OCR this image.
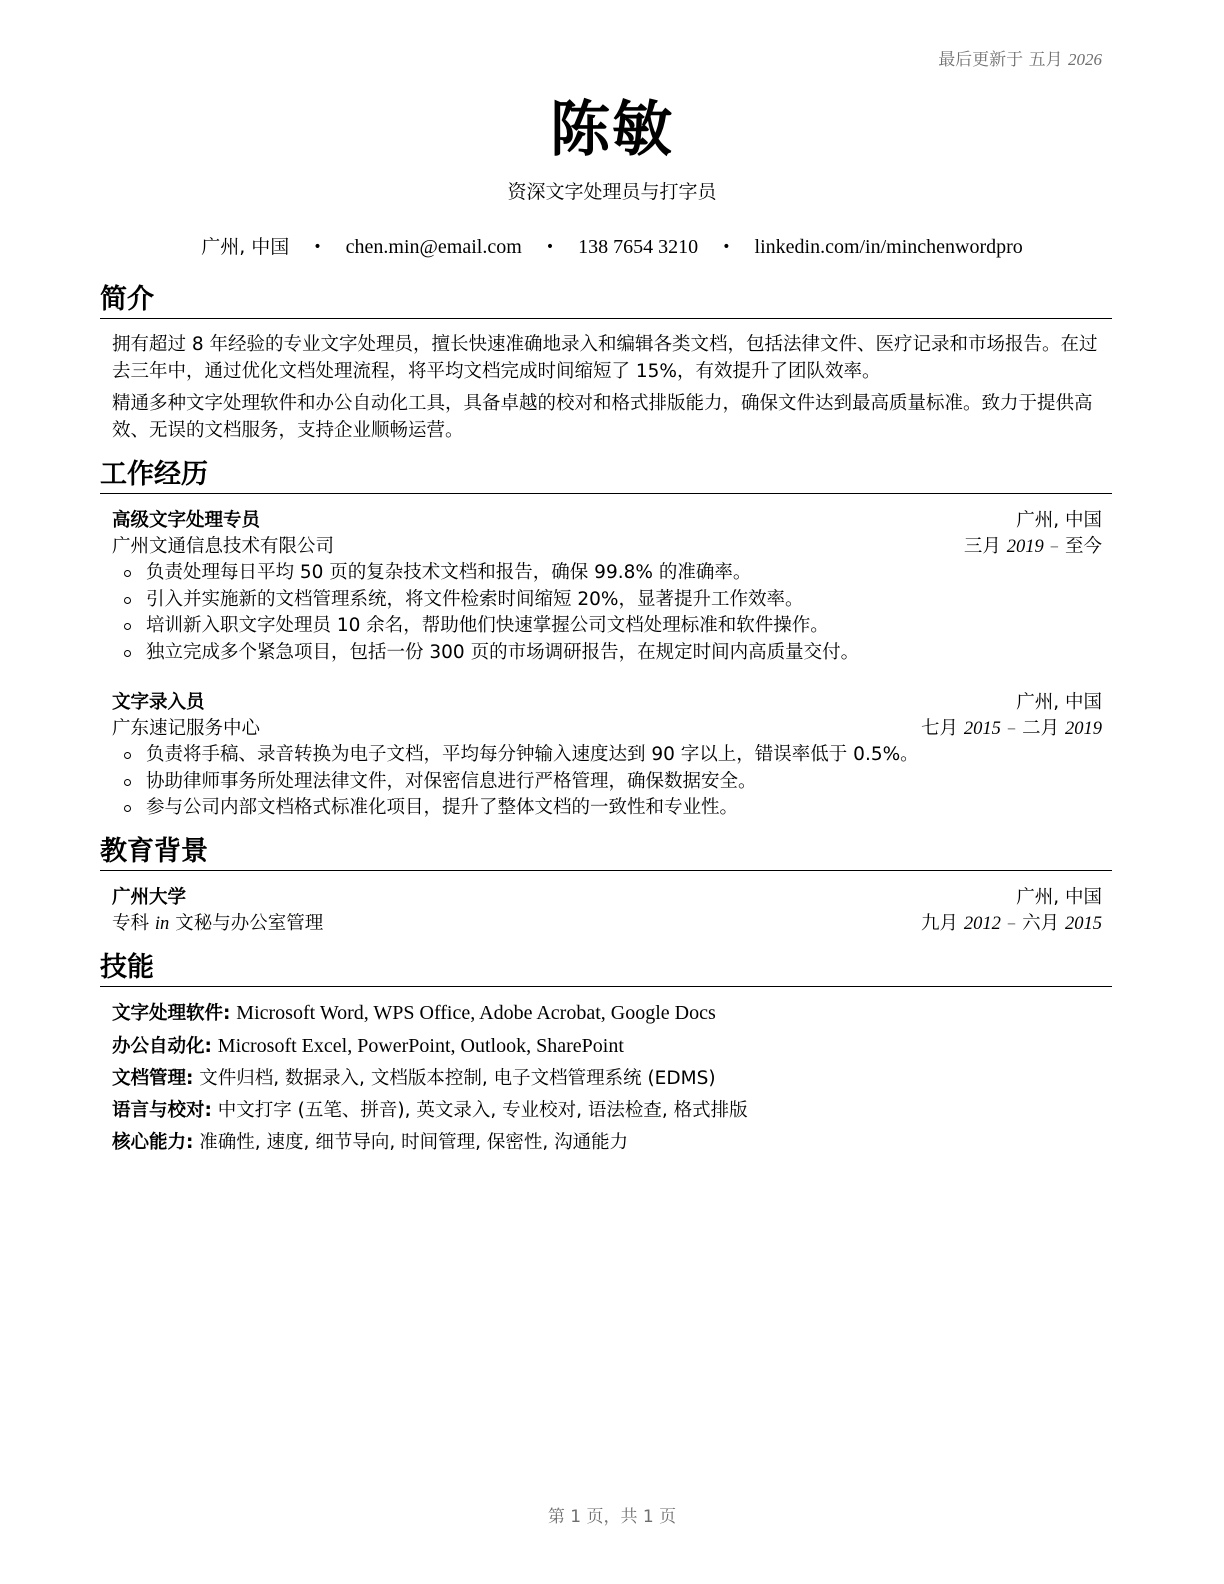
最后更新于 五月 2026
陈敏
资深文字处理员与打字员
广州, 中国 • chen.min@email.com • 138 7654 3210 • linkedin.com/in/minchenwordpro
简介

拥有超过 8 年经验的专业文字处理员，擅长快速准确地录入和编辑各类文档，包括法律文件、医疗记录和市场报告。在过去三年中，通过优化文档处理流程，将平均文档完成时间缩短了 15%，有效提升了团队效率。

精通多种文字处理软件和办公自动化工具，具备卓越的校对和格式排版能力，确保文件达到最高质量标准。致力于提供高效、无误的文档服务，支持企业顺畅运营。

工作经历
高级文字处理专员	广州, 中国
广州文通信息技术有限公司	三月 2019 – 至今
负责处理每日平均 50 页的复杂技术文档和报告，确保 99.8% 的准确率。
引入并实施新的文档管理系统，将文件检索时间缩短 20%，显著提升工作效率。
培训新入职文字处理员 10 余名，帮助他们快速掌握公司文档处理标准和软件操作。
独立完成多个紧急项目，包括一份 300 页的市场调研报告，在规定时间内高质量交付。
文字录入员	广州, 中国
广东速记服务中心	七月 2015 – 二月 2019
负责将手稿、录音转换为电子文档，平均每分钟输入速度达到 90 字以上，错误率低于 0.5%。
协助律师事务所处理法律文件，对保密信息进行严格管理，确保数据安全。
参与公司内部文档格式标准化项目，提升了整体文档的一致性和专业性。
教育背景
广州大学	广州, 中国
专科 in 文秘与办公室管理	九月 2012 – 六月 2015
技能
文字处理软件: Microsoft Word, WPS Office, Adobe Acrobat, Google Docs
办公自动化: Microsoft Excel, PowerPoint, Outlook, SharePoint
文档管理: 文件归档, 数据录入, 文档版本控制, 电子文档管理系统 (EDMS)
语言与校对: 中文打字 (五笔、拼音), 英文录入, 专业校对, 语法检查, 格式排版
核心能力: 准确性, 速度, 细节导向, 时间管理, 保密性, 沟通能力
第 1 页，共 1 页
